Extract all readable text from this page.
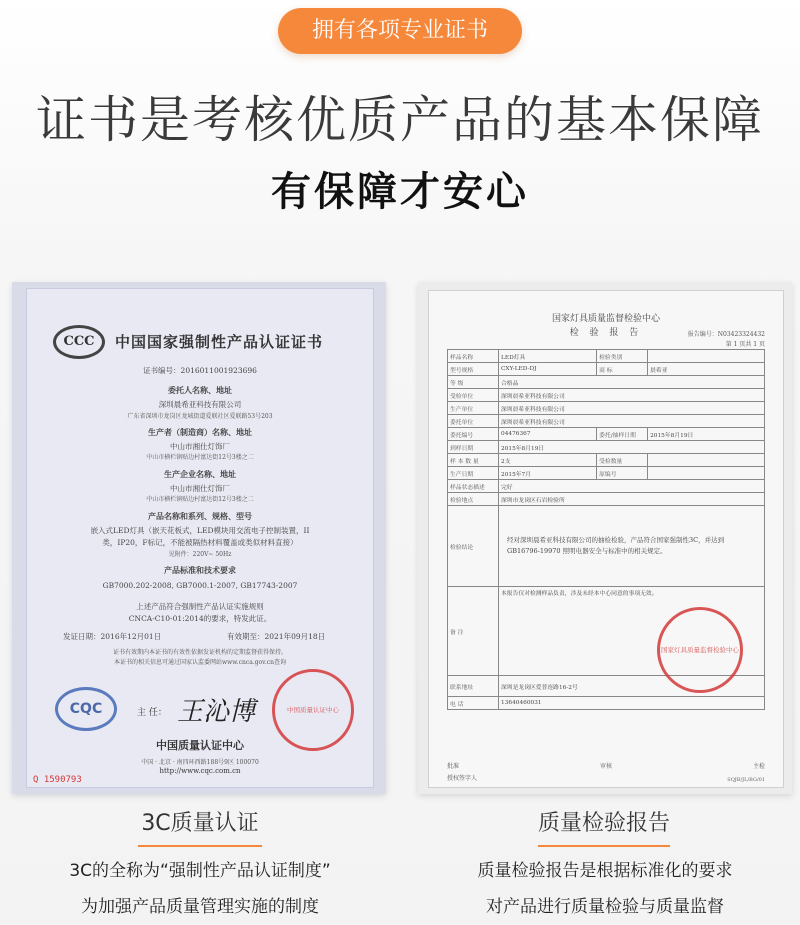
拥有各项专业证书
证书是考核优质产品的基本保障
有保障才安心
CCC	中国国家强制性产品认证证书
证书编号：2016011001923696
委托人名称、地址
深圳晨希亚科技有限公司
广东省深圳市龙岗区龙城街道爱联社区爱联路53号203
生产者（制造商）名称、地址
中山市湘仕灯饰厂
中山市横栏镇贴边村富达街12号3楼之二
生产企业名称、地址
中山市湘仕灯饰厂
中山市横栏镇贴边村富达街12号3楼之二
产品名称和系列、规格、型号
嵌入式LED灯具（嵌天花板式，LED模块用交流电子控制装置，II
类，IP20，F标记，不能被隔热材料覆盖或类似材料直接）
见附件：220V~ 50Hz
产品标准和技术要求
GB7000.202-2008, GB7000.1-2007, GB17743-2007
上述产品符合强制性产品认证实施规则
CNCA-C10-01:2014的要求，特发此证。
发证日期：2016年12月01日	有效期至：2021年09月18日
证书有效期内本证书的有效性依据发证机构的定期监督获得保持。
本证书的相关信息可通过国家认监委网站www.cnca.gov.cn查询
CQC	主 任： 王沁博	中国质量认证中心
中国质量认证中心
中国 · 北京 · 南四环西路188号9区 100070
http://www.cqc.com.cn
Q 1590793
国家灯具质量监督检验中心
检 验 报 告	报告编号：N03423324432
第 1 页共 1 页
样品名称	LED灯具	检验类别	
型号规格	CXY-LED-DJ	商 标	晨希亚
等 级	合格品		
受检单位	深圳晨希亚科技有限公司		
生产单位	深圳晨希亚科技有限公司		
委托单位	深圳晨希亚科技有限公司		
委托编号	04476367	委托/抽样日期	2015年8月19日
到样日期	2015年8月19日		
样 本 数 量	2支	受检数量	
生产日期	2015年7月	原编号	
样品状态描述	完好		
检验地点	深圳市龙岗区石岩检验所		
检验结论	经对深圳晨希亚科技有限公司的抽检检验，产品符合国家强制性3C，并达到GB16796-19970 照明电器安全与标准中的相关规定。		
备 注	本报告仅对检测样品负责，涉及未经本中心同意的事项无效。		
联系地址	深圳是龙岗区爱普连路16-2号		
电 话	13640460031		
国家灯具质量监督检验中心
批准	审核	主检
授权签字人	SQJB/JL/BG/01
3C质量认证	质量检验报告
3C的全称为“强制性产品认证制度”
为加强产品质量管理实施的制度
质量检验报告是根据标准化的要求
对产品进行质量检验与质量监督
